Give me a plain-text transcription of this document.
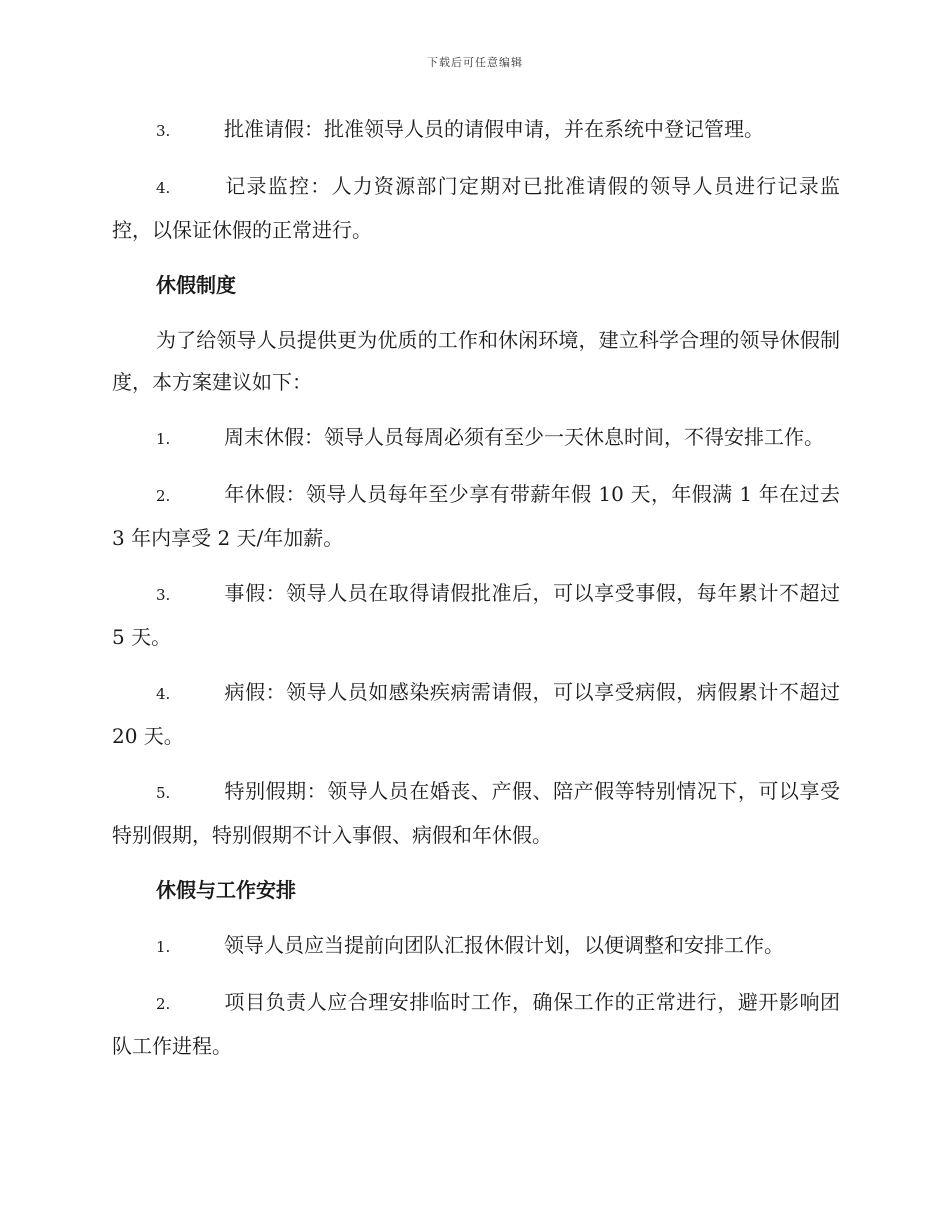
下载后可任意编辑

3.	批准请假：批准领导人员的请假申请，并在系统中登记管理。

4.	记录监控：人力资源部门定期对已批准请假的领导人员进行记录监控，以保证休假的正常进行。

休假制度

为了给领导人员提供更为优质的工作和休闲环境，建立科学合理的领导休假制度，本方案建议如下：

1.	周末休假：领导人员每周必须有至少一天休息时间，不得安排工作。

2.	年休假：领导人员每年至少享有带薪年假 10 天，年假满 1 年在过去 3 年内享受 2 天/年加薪。

3.	事假：领导人员在取得请假批准后，可以享受事假，每年累计不超过 5 天。

4.	病假：领导人员如感染疾病需请假，可以享受病假，病假累计不超过 20 天。

5.	特别假期：领导人员在婚丧、产假、陪产假等特别情况下，可以享受特别假期，特别假期不计入事假、病假和年休假。

休假与工作安排

1.	领导人员应当提前向团队汇报休假计划，以便调整和安排工作。

2.	项目负责人应合理安排临时工作，确保工作的正常进行，避开影响团队工作进程。
